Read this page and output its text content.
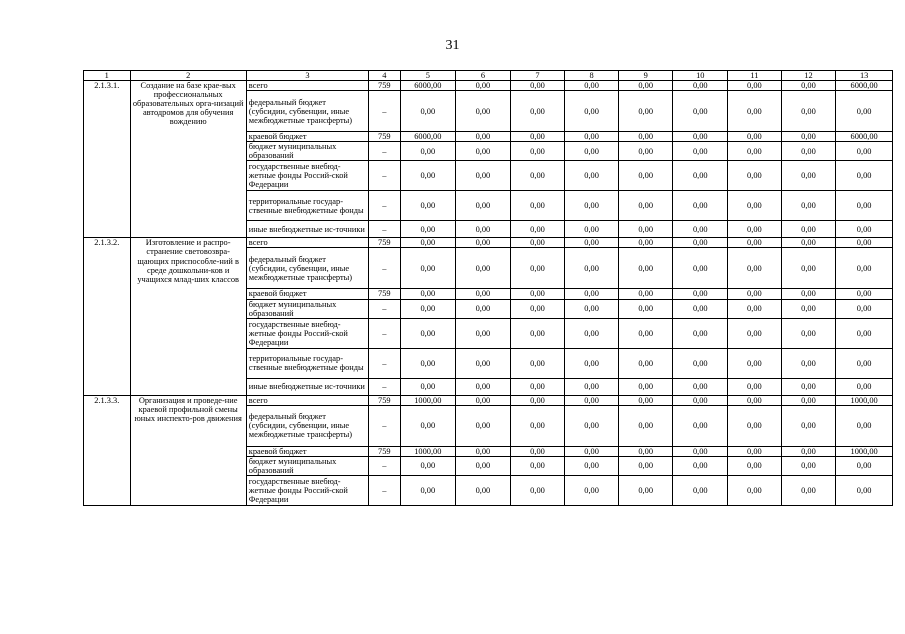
31
1	2	3	4	5	6	7	8	9	10	11	12	13
2.1.3.1.	Создание на базе крае-вых профессиональных образовательных орга-низаций автодромов для обучения вождению	всего	759	6000,00	0,00	0,00	0,00	0,00	0,00	0,00	0,00	6000,00
		федеральный бюджет (субсидии, субвенции, иные межбюджетные трансферты)	–	0,00	0,00	0,00	0,00	0,00	0,00	0,00	0,00	0,00
		краевой бюджет	759	6000,00	0,00	0,00	0,00	0,00	0,00	0,00	0,00	6000,00
		бюджет муниципальных образований	–	0,00	0,00	0,00	0,00	0,00	0,00	0,00	0,00	0,00
		государственные внебюд-жетные фонды Россий-ской Федерации	–	0,00	0,00	0,00	0,00	0,00	0,00	0,00	0,00	0,00
		территориальные государ-ственные внебюджетные фонды	–	0,00	0,00	0,00	0,00	0,00	0,00	0,00	0,00	0,00
		иные внебюджетные ис-точники	–	0,00	0,00	0,00	0,00	0,00	0,00	0,00	0,00	0,00
2.1.3.2.	Изготовление и распро-странение световозвра-щающих приспособле-ний в среде дошкольни-ков и учащихся млад-ших классов	всего	759	0,00	0,00	0,00	0,00	0,00	0,00	0,00	0,00	0,00
		федеральный бюджет (субсидии, субвенции, иные межбюджетные трансферты)	–	0,00	0,00	0,00	0,00	0,00	0,00	0,00	0,00	0,00
		краевой бюджет	759	0,00	0,00	0,00	0,00	0,00	0,00	0,00	0,00	0,00
		бюджет муниципальных образований	–	0,00	0,00	0,00	0,00	0,00	0,00	0,00	0,00	0,00
		государственные внебюд-жетные фонды Россий-ской Федерации	–	0,00	0,00	0,00	0,00	0,00	0,00	0,00	0,00	0,00
		территориальные государ-ственные внебюджетные фонды	–	0,00	0,00	0,00	0,00	0,00	0,00	0,00	0,00	0,00
		иные внебюджетные ис-точники	–	0,00	0,00	0,00	0,00	0,00	0,00	0,00	0,00	0,00
2.1.3.3.	Организация и проведе-ние краевой профильной смены юных инспекто-ров движения	всего	759	1000,00	0,00	0,00	0,00	0,00	0,00	0,00	0,00	1000,00
		федеральный бюджет (субсидии, субвенции, иные межбюджетные трансферты)	–	0,00	0,00	0,00	0,00	0,00	0,00	0,00	0,00	0,00
		краевой бюджет	759	1000,00	0,00	0,00	0,00	0,00	0,00	0,00	0,00	1000,00
		бюджет муниципальных образований	–	0,00	0,00	0,00	0,00	0,00	0,00	0,00	0,00	0,00
		государственные внебюд-жетные фонды Россий-ской Федерации	–	0,00	0,00	0,00	0,00	0,00	0,00	0,00	0,00	0,00
